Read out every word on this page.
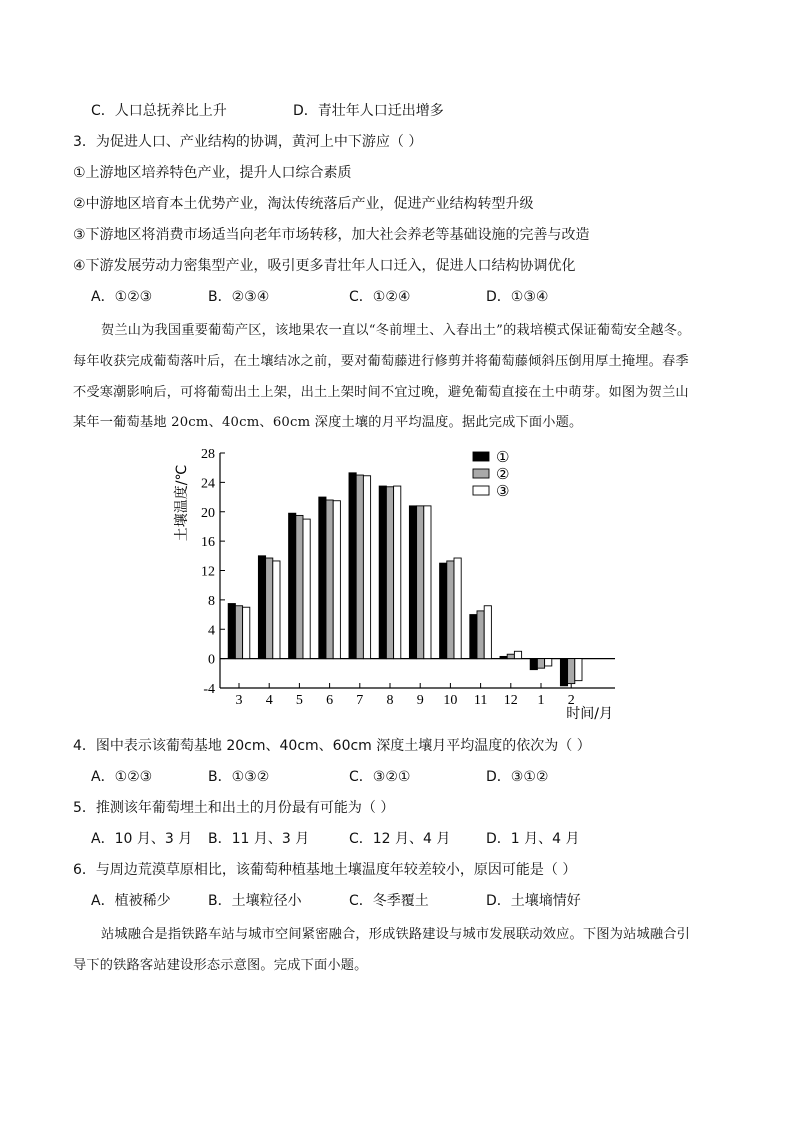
C．人口总抚养比上升	D．青壮年人口迁出增多
3．为促进人口、产业结构的协调，黄河上中下游应（ ）
①上游地区培养特色产业，提升人口综合素质
②中游地区培育本土优势产业，淘汰传统落后产业，促进产业结构转型升级
③下游地区将消费市场适当向老年市场转移，加大社会养老等基础设施的完善与改造
④下游发展劳动力密集型产业，吸引更多青壮年人口迁入，促进人口结构协调优化
A．①②③	B．②③④	C．①②④	D．①③④
贺兰山为我国重要葡萄产区，该地果农一直以“冬前埋土、入春出土”的栽培模式保证葡萄安全越冬。
每年收获完成葡萄落叶后，在土壤结冰之前，要对葡萄藤进行修剪并将葡萄藤倾斜压倒用厚土掩埋。春季
不受寒潮影响后，可将葡萄出土上架，出土上架时间不宜过晚，避免葡萄直接在土中萌芽。如图为贺兰山
某年一葡萄基地 20cm、40cm、60cm 深度土壤的月平均温度。据此完成下面小题。
28
24
20
16
12
8
4
0
-4
土壤温度/℃
时间/月
3 4 5 6 7 8 9 10 11 12 1 2
①
②
③
4．图中表示该葡萄基地 20cm、40cm、60cm 深度土壤月平均温度的依次为（ ）
A．①②③	B．①③②	C．③②①	D．③①②
5．推测该年葡萄埋土和出土的月份最有可能为（ ）
A．10 月、3 月 B．11 月、3 月	C．12 月、4 月	D．1 月、4 月
6．与周边荒漠草原相比，该葡萄种植基地土壤温度年较差较小，原因可能是（ ）
A．植被稀少	B．土壤粒径小	C．冬季覆土	D．土壤墒情好
站城融合是指铁路车站与城市空间紧密融合，形成铁路建设与城市发展联动效应。下图为站城融合引
导下的铁路客站建设形态示意图。完成下面小题。
